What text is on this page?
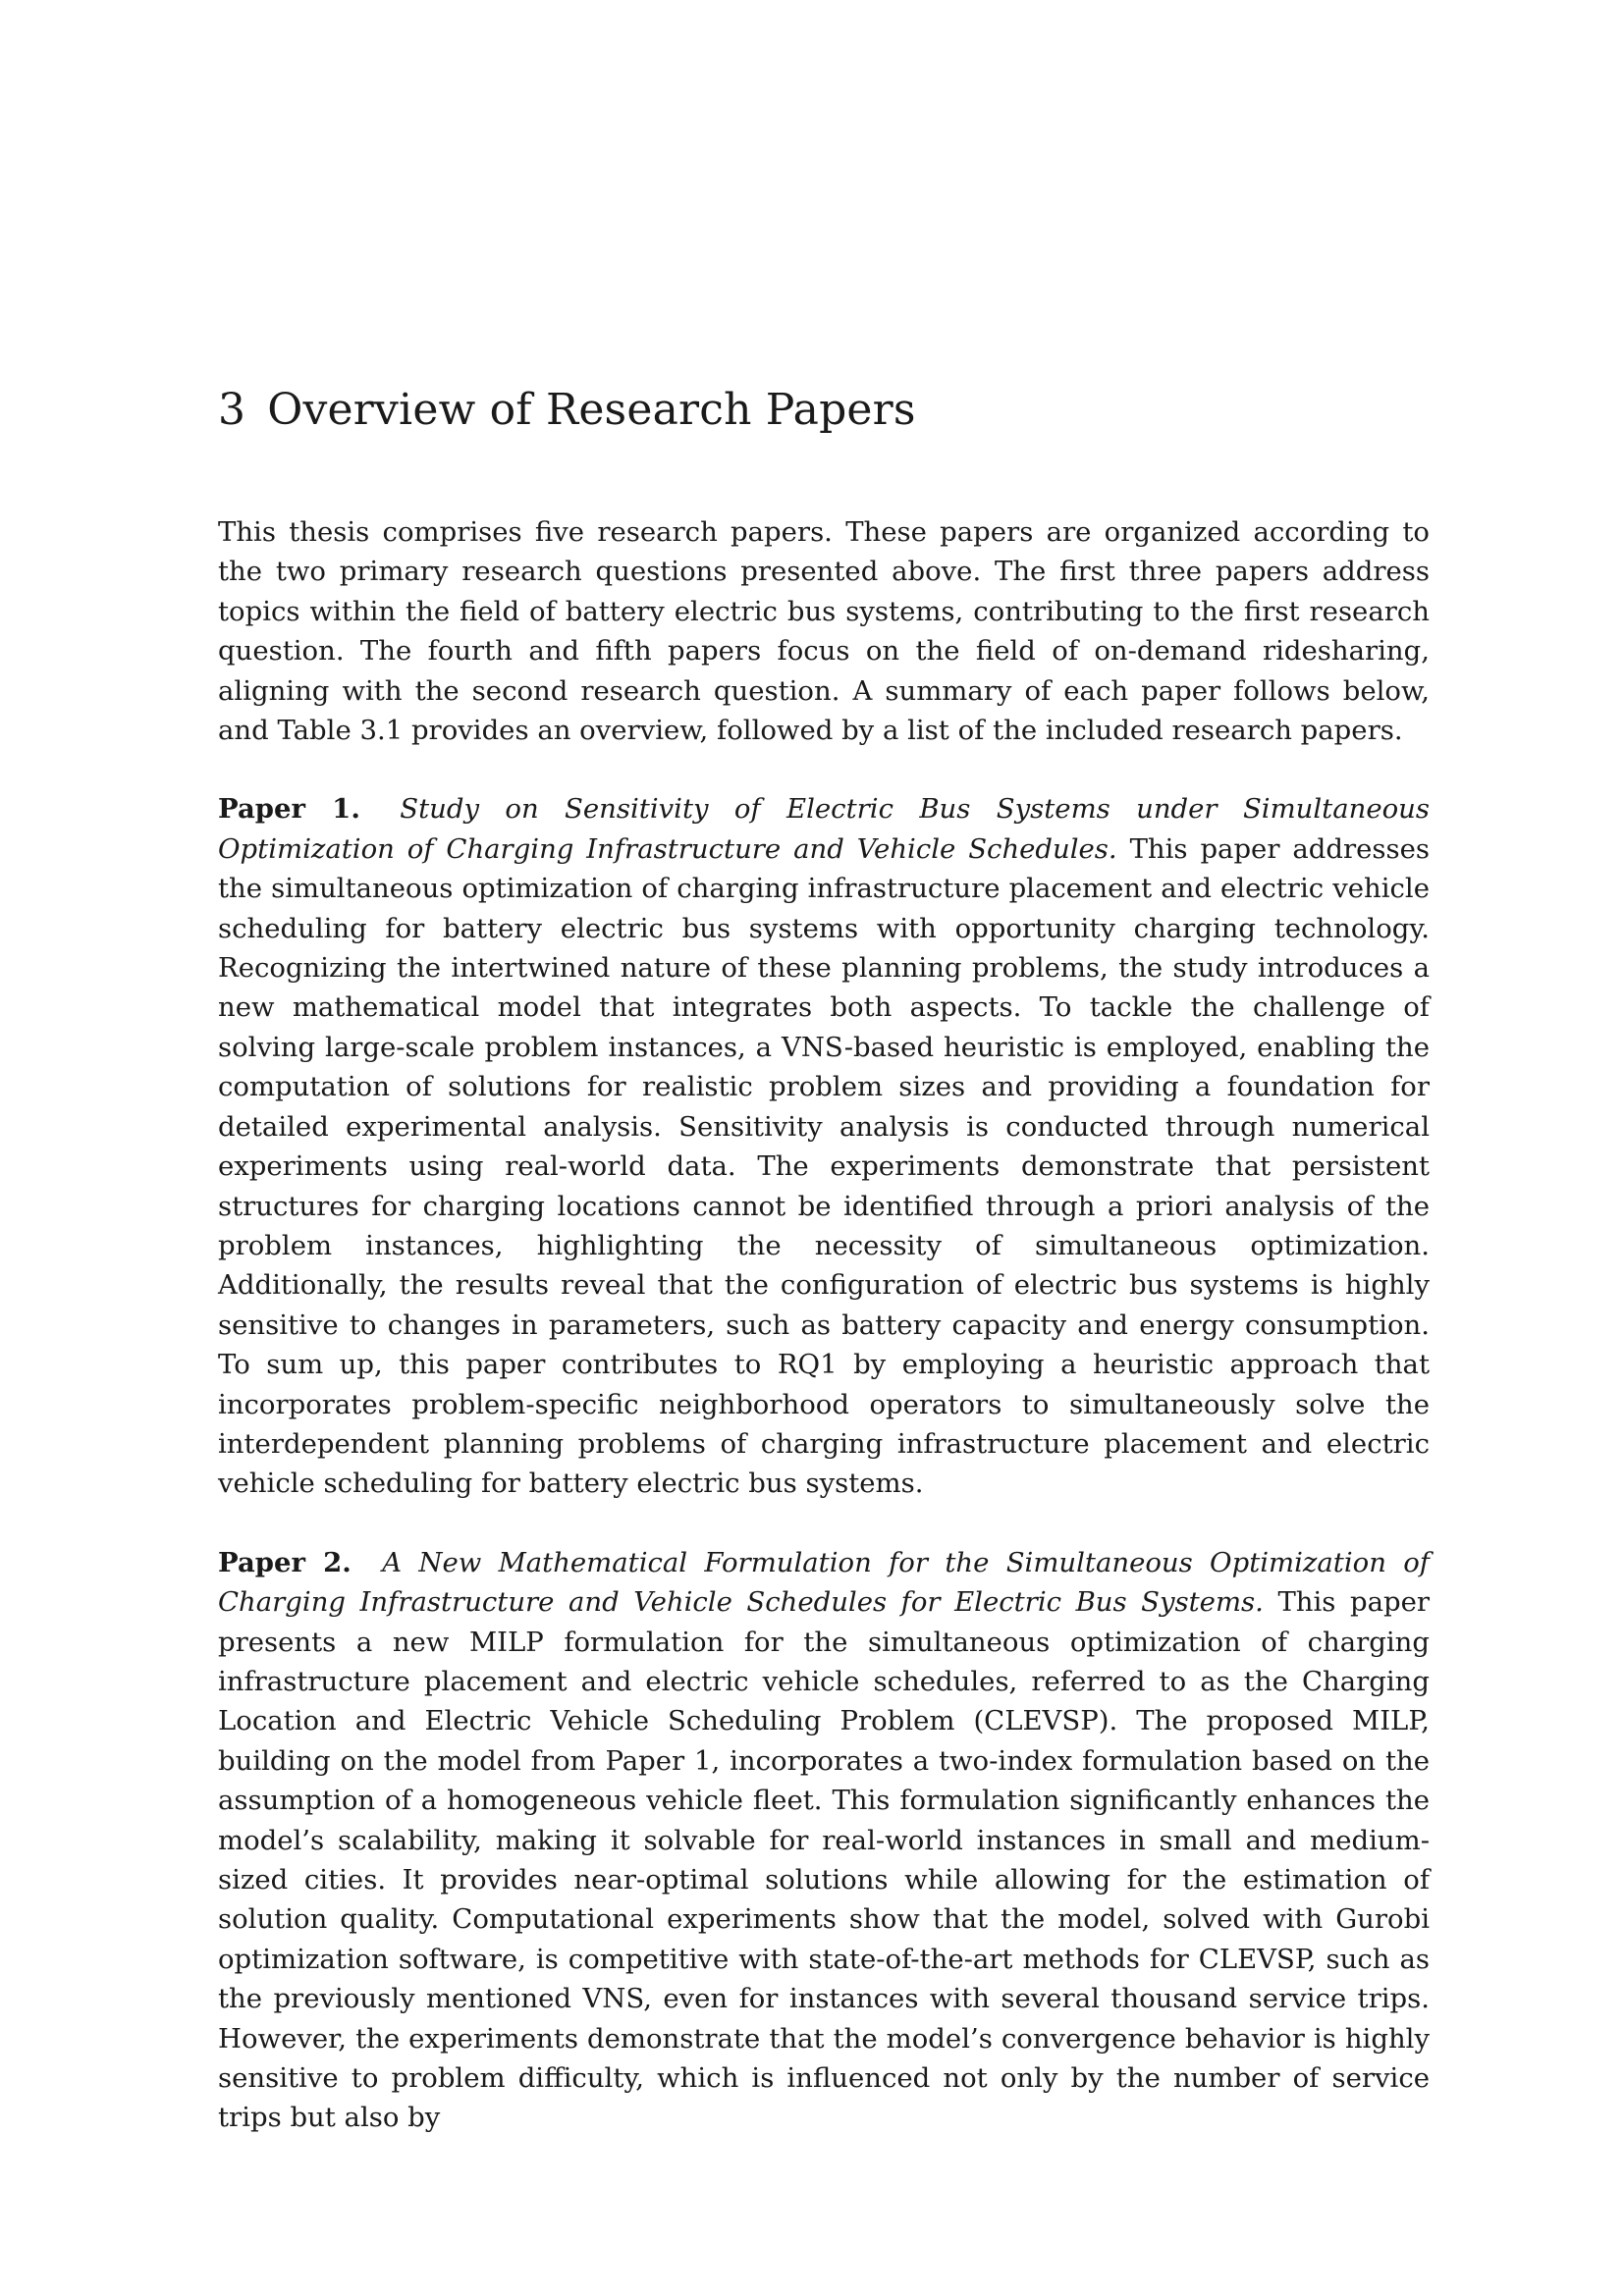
3 Overview of Research Papers

This thesis comprises five research papers. These papers are organized according to the two primary research questions presented above. The first three papers address topics within the field of battery electric bus systems, contributing to the first research question. The fourth and fifth papers focus on the field of on-demand ridesharing, aligning with the second research question. A summary of each paper follows below, and Table 3.1 provides an overview, followed by a list of the included research papers.

Paper 1. Study on Sensitivity of Electric Bus Systems under Simultaneous Optimization of Charging Infrastructure and Vehicle Schedules. This paper addresses the simultaneous optimization of charging infrastructure placement and electric vehicle scheduling for battery electric bus systems with opportunity charging technology. Recognizing the intertwined nature of these planning problems, the study introduces a new mathematical model that integrates both aspects. To tackle the challenge of solving large-scale problem instances, a VNS-based heuristic is employed, enabling the computation of solutions for realistic problem sizes and providing a foundation for detailed experimental analysis. Sensitivity analysis is conducted through numerical experiments using real-world data. The experiments demonstrate that persistent structures for charging locations cannot be identified through a priori analysis of the problem instances, highlighting the necessity of simultaneous optimization. Additionally, the results reveal that the configuration of electric bus systems is highly sensitive to changes in parameters, such as battery capacity and energy consumption. To sum up, this paper contributes to RQ1 by employing a heuristic approach that incorporates problem-specific neighborhood operators to simultaneously solve the interdependent planning problems of charging infrastructure placement and electric vehicle scheduling for battery electric bus systems.

Paper 2. A New Mathematical Formulation for the Simultaneous Optimization of Charging Infrastructure and Vehicle Schedules for Electric Bus Systems. This paper presents a new MILP formulation for the simultaneous optimization of charging infrastructure placement and electric vehicle schedules, referred to as the Charging Location and Electric Vehicle Scheduling Problem (CLEVSP). The proposed MILP, building on the model from Paper 1, incorporates a two-index formulation based on the assumption of a homogeneous vehicle fleet. This formulation significantly enhances the model’s scalability, making it solvable for real-world instances in small and medium-sized cities. It provides near-optimal solutions while allowing for the estimation of solution quality. Computational experiments show that the model, solved with Gurobi optimization software, is competitive with state-of-the-art methods for CLEVSP, such as the previously mentioned VNS, even for instances with several thousand service trips. However, the experiments demonstrate that the model’s convergence behavior is highly sensitive to problem difficulty, which is influenced not only by the number of service trips but also by
